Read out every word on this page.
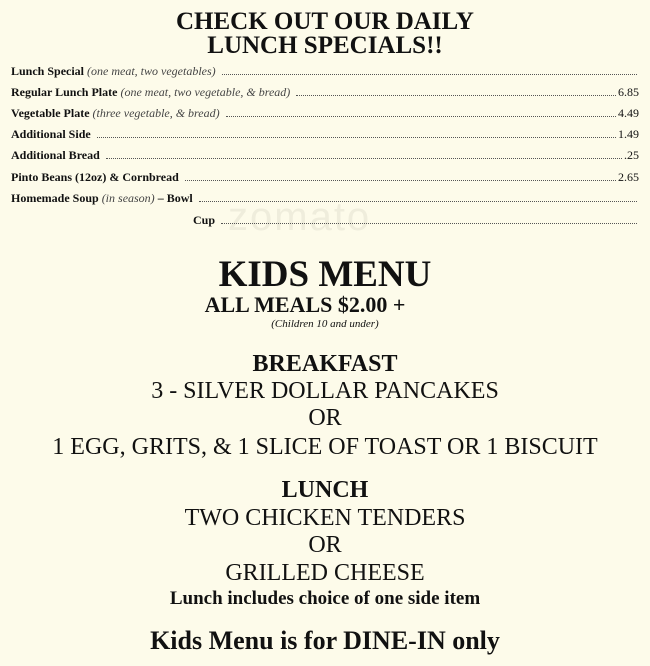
zomato
CHECK OUT OUR DAILY
LUNCH SPECIALS!!
Lunch Special
(one meat, two vegetables)
Regular Lunch Plate
(one meat, two vegetable, & bread)	6.85
Vegetable Plate
(three vegetable, & bread)	4.49
Additional Side	1.49
Additional Bread	.25
Pinto Beans (12oz) & Cornbread	2.65
Homemade Soup
(in season)
– Bowl
Cup
KIDS MENU
ALL MEALS $2.00 +
(Children 10 and under)
BREAKFAST
3 - SILVER DOLLAR PANCAKES
OR
1 EGG, GRITS, & 1 SLICE OF TOAST OR 1 BISCUIT
LUNCH
TWO CHICKEN TENDERS
OR
GRILLED CHEESE
Lunch includes choice of one side item
Kids Menu is for DINE-IN only
